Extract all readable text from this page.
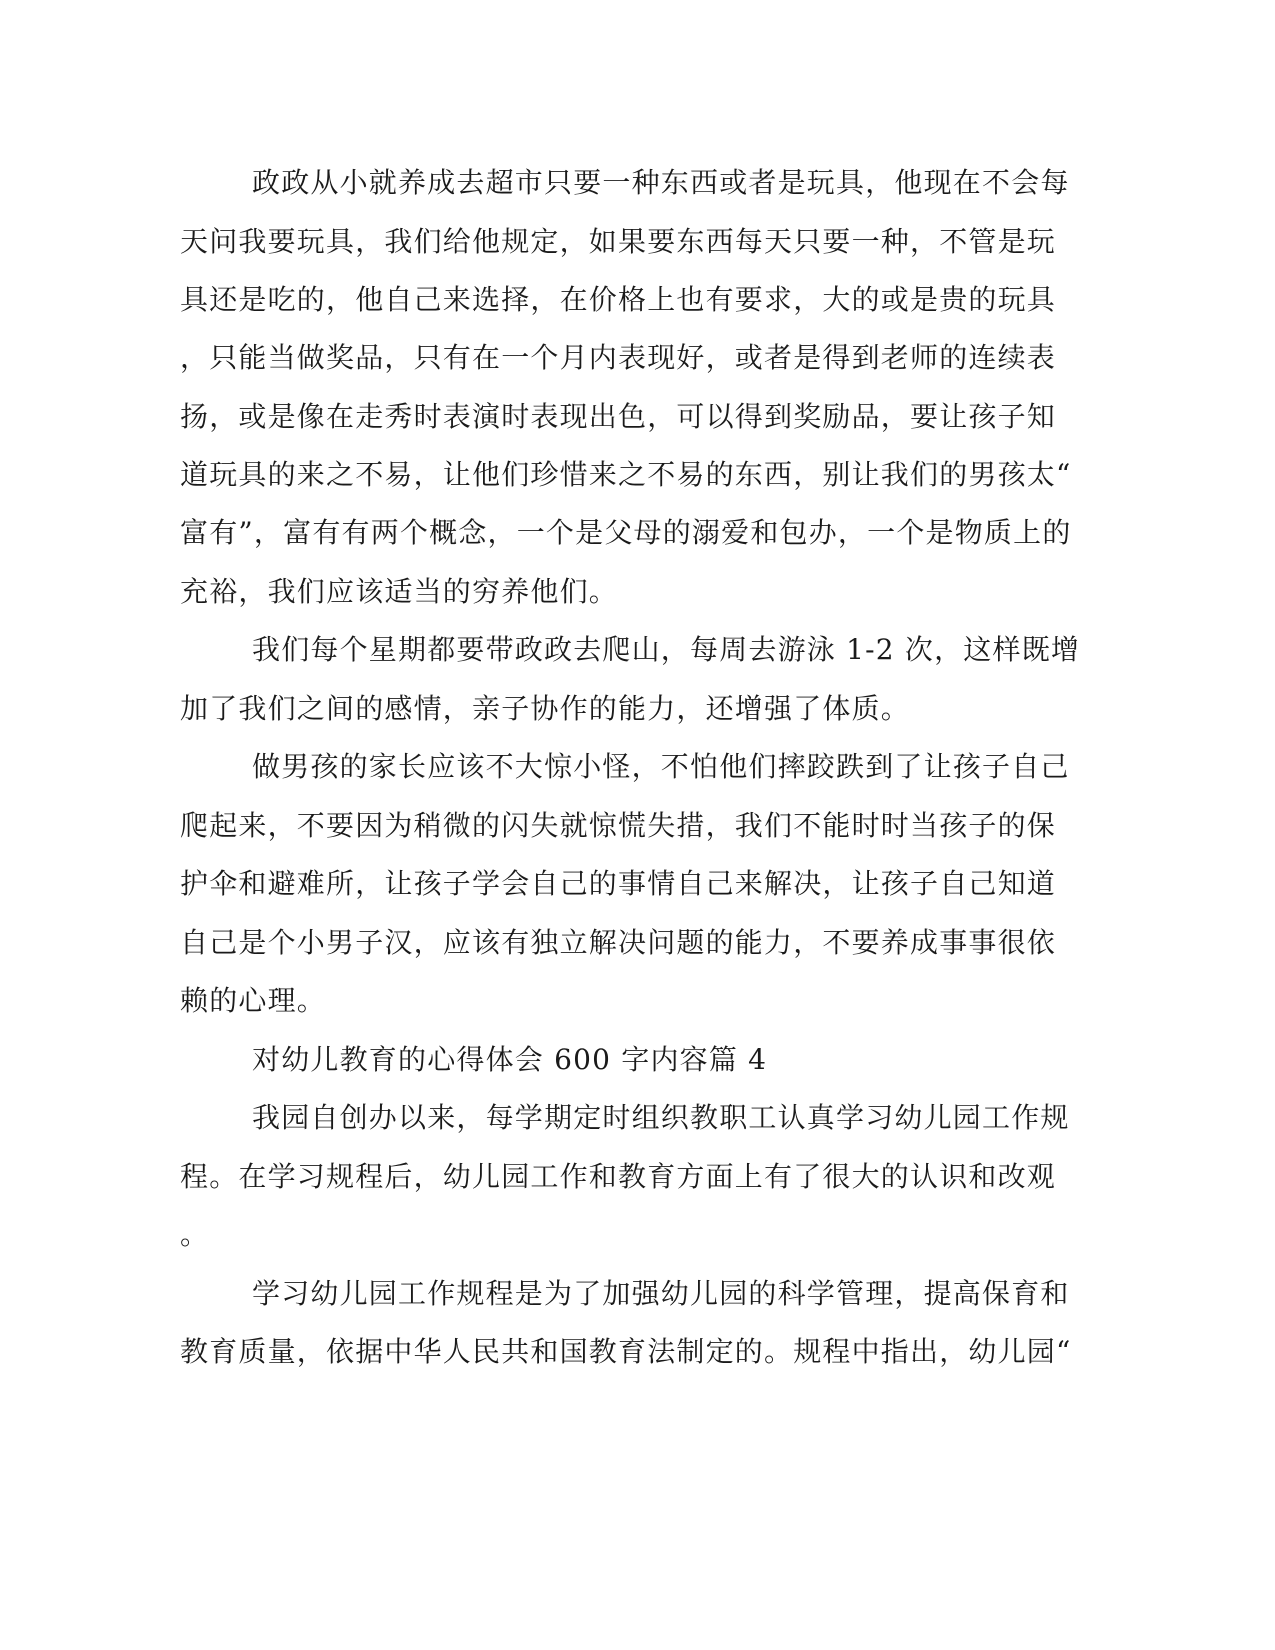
政政从小就养成去超市只要一种东西或者是玩具，他现在不会每
天问我要玩具，我们给他规定，如果要东西每天只要一种，不管是玩
具还是吃的，他自己来选择，在价格上也有要求，大的或是贵的玩具
，只能当做奖品，只有在一个月内表现好，或者是得到老师的连续表
扬，或是像在走秀时表演时表现出色，可以得到奖励品，要让孩子知
道玩具的来之不易，让他们珍惜来之不易的东西，别让我们的男孩太“
富有”，富有有两个概念，一个是父母的溺爱和包办，一个是物质上的
充裕，我们应该适当的穷养他们。
我们每个星期都要带政政去爬山，每周去游泳 1-2 次，这样既增
加了我们之间的感情，亲子协作的能力，还增强了体质。
做男孩的家长应该不大惊小怪，不怕他们摔跤跌到了让孩子自己
爬起来，不要因为稍微的闪失就惊慌失措，我们不能时时当孩子的保
护伞和避难所，让孩子学会自己的事情自己来解决，让孩子自己知道
自己是个小男子汉，应该有独立解决问题的能力，不要养成事事很依
赖的心理。
对幼儿教育的心得体会 600 字内容篇 4
我园自创办以来，每学期定时组织教职工认真学习幼儿园工作规
程。在学习规程后，幼儿园工作和教育方面上有了很大的认识和改观
。
学习幼儿园工作规程是为了加强幼儿园的科学管理，提高保育和
教育质量，依据中华人民共和国教育法制定的。规程中指出，幼儿园“
